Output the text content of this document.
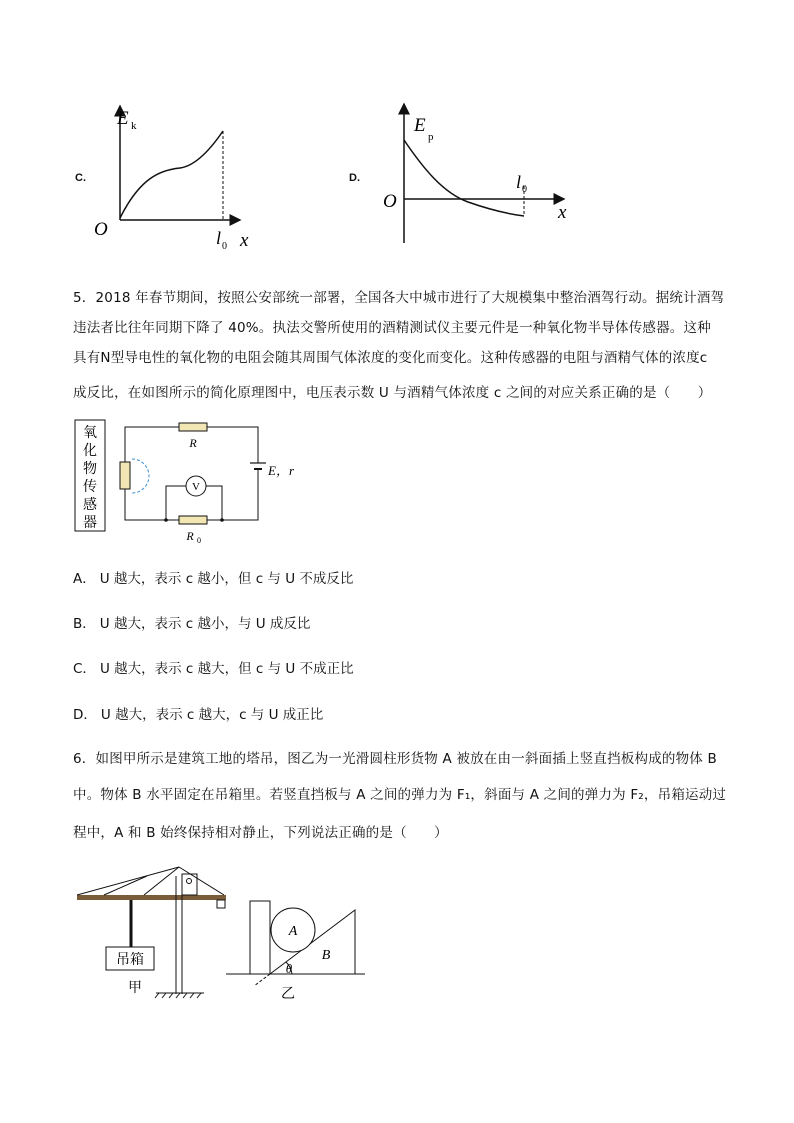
C.
E k
O
x
l 0
D.
E
p
O
x
l 0
5．2018 年春节期间，按照公安部统一部署，全国各大中城市进行了大规模集中整治酒驾行动。据统计酒驾
违法者比往年同期下降了 40%。执法交警所使用的酒精测试仪主要元件是一种氧化物半导体传感器。这种
具有N型导电性的氧化物的电阻会随其周围气体浓度的变化而变化。这种传感器的电阻与酒精气体的浓度c
成反比，在如图所示的简化原理图中，电压表示数 U 与酒精气体浓度 c 之间的对应关系正确的是（　　）
氧
化
物
传
感
器
R
R 0
V
E，r
A． U 越大，表示 c 越小，但 c 与 U 不成反比
B． U 越大，表示 c 越小，与 U 成反比
C． U 越大，表示 c 越大，但 c 与 U 不成正比
D． U 越大，表示 c 越大，c 与 U 成正比
6．如图甲所示是建筑工地的塔吊，图乙为一光滑圆柱形货物 A 被放在由一斜面插上竖直挡板构成的物体 B
中。物体 B 水平固定在吊箱里。若竖直挡板与 A 之间的弹力为 F₁，斜面与 A 之间的弹力为 F₂，吊箱运动过
程中，A 和 B 始终保持相对静止，下列说法正确的是（　　）
吊箱
甲
A
B
θ
乙
